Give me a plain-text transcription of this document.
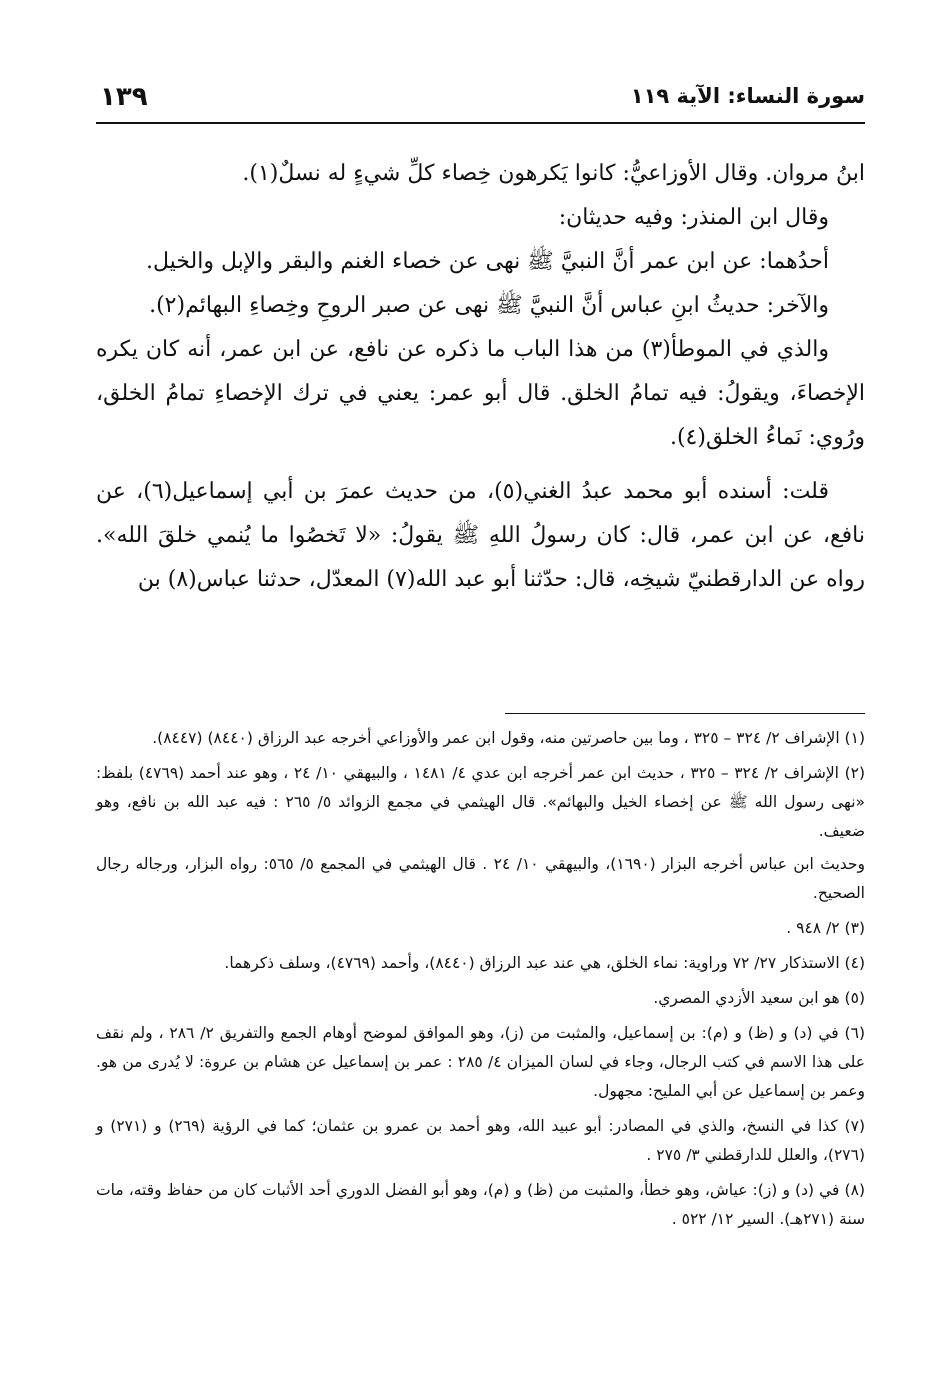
سورة النساء: الآية ١١٩
١٣٩

ابنُ مروان. وقال الأوزاعيُّ: كانوا يَكرهون خِصاء كلِّ شيءٍ له نسلٌ(١).

وقال ابن المنذر: وفيه حديثان:

أحدُهما: عن ابن عمر أنَّ النبيَّ ﷺ نهى عن خصاء الغنم والبقر والإبل والخيل.

والآخر: حديثُ ابنِ عباس أنَّ النبيَّ ﷺ نهى عن صبر الروحِ وخِصاءِ البهائم(٢).

والذي في الموطأ(٣) من هذا الباب ما ذكره عن نافع، عن ابن عمر، أنه كان يكره الإخصاءَ، ويقولُ: فيه تمامُ الخلق. قال أبو عمر: يعني في ترك الإخصاءِ تمامُ الخلق، ورُوي: نَماءُ الخلق(٤).

قلت: أسنده أبو محمد عبدُ الغني(٥)، من حديث عمرَ بن أبي إسماعيل(٦)، عن نافع، عن ابن عمر، قال: كان رسولُ اللهِ ﷺ يقولُ: «لا تَخصُوا ما يُنمي خلقَ الله». رواه عن الدارقطنيّ شيخِه، قال: حدّثنا أبو عبد الله(٧) المعدّل، حدثنا عباس(٨) بن

(١) الإشراف ٢/ ٣٢٤ – ٣٢٥ ، وما بين حاصرتين منه، وقول ابن عمر والأوزاعي أخرجه عبد الرزاق (٨٤٤٠) (٨٤٤٧).

(٢) الإشراف ٢/ ٣٢٤ – ٣٢٥ ، حديث ابن عمر أخرجه ابن عدي ٤/ ١٤٨١ ، والبيهقي ١٠/ ٢٤ ، وهو عند أحمد (٤٧٦٩) بلفظ: «نهى رسول الله ﷺ عن إخصاء الخيل والبهائم». قال الهيثمي في مجمع الزوائد ٥/ ٢٦٥ : فيه عبد الله بن نافع، وهو ضعيف.

وحديث ابن عباس أخرجه البزار (١٦٩٠)، والبيهقي ١٠/ ٢٤ . قال الهيثمي في المجمع ٥/ ٥٦٥: رواه البزار، ورجاله رجال الصحيح.

(٣) ٢/ ٩٤٨ .

(٤) الاستذكار ٢٧/ ٧٢ وراوية: نماء الخلق، هي عند عبد الرزاق (٨٤٤٠)، وأحمد (٤٧٦٩)، وسلف ذكرهما.

(٥) هو ابن سعيد الأزدي المصري.

(٦) في (د) و (ظ) و (م): بن إسماعيل، والمثبت من (ز)، وهو الموافق لموضح أوهام الجمع والتفريق ٢/ ٢٨٦ ، ولم نقف على هذا الاسم في كتب الرجال، وجاء في لسان الميزان ٤/ ٢٨٥ : عمر بن إسماعيل عن هشام بن عروة: لا يُدرى من هو. وعمر بن إسماعيل عن أبي المليح: مجهول.

(٧) كذا في النسخ، والذي في المصادر: أبو عبيد الله، وهو أحمد بن عمرو بن عثمان؛ كما في الرؤية (٢٦٩) و (٢٧١) و (٢٧٦)، والعلل للدارقطني ٣/ ٢٧٥ .

(٨) في (د) و (ز): عياش، وهو خطأ، والمثبت من (ظ) و (م)، وهو أبو الفضل الدوري أحد الأثبات كان من حفاظ وقته، مات سنة (٢٧١هـ). السير ١٢/ ٥٢٢ .
